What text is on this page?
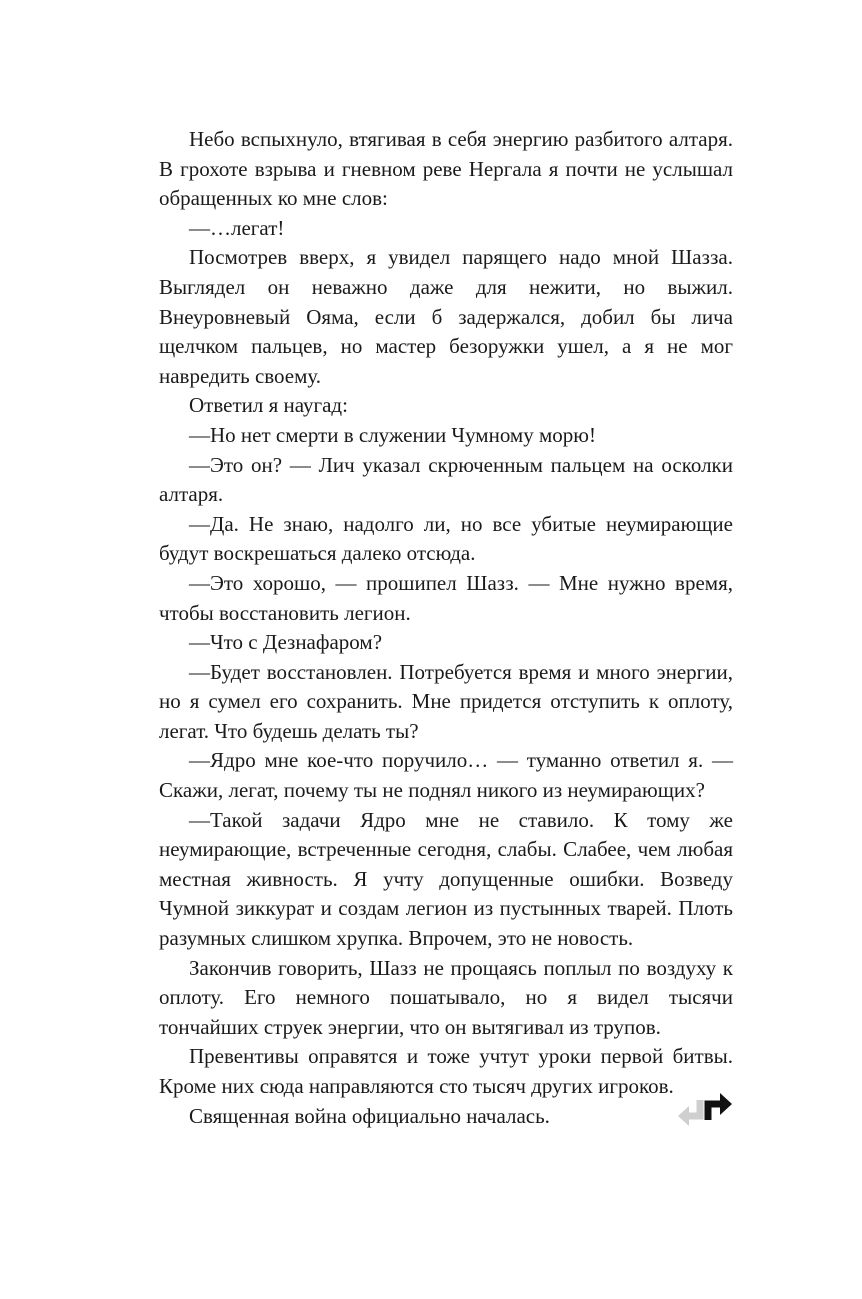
Небо вспыхнуло, втягивая в себя энергию разбитого алтаря. В грохоте взрыва и гневном реве Нергала я почти не услышал обращенных ко мне слов:

—…легат!

Посмотрев вверх, я увидел парящего надо мной Шазза. Выглядел он неважно даже для нежити, но выжил. Внеуровневый Ояма, если б задержался, добил бы лича щелчком пальцев, но мастер безоружки ушел, а я не мог навредить своему.

Ответил я наугад:

—Но нет смерти в служении Чумному морю!

—Это он? — Лич указал скрюченным пальцем на осколки алтаря.

—Да. Не знаю, надолго ли, но все убитые неумирающие будут воскрешаться далеко отсюда.

—Это хорошо, — прошипел Шазз. — Мне нужно время, чтобы восстановить легион.

—Что с Дезнафаром?

—Будет восстановлен. Потребуется время и много энергии, но я сумел его сохранить. Мне придется отступить к оплоту, легат. Что будешь делать ты?

—Ядро мне кое-что поручило… — туманно ответил я. — Скажи, легат, почему ты не поднял никого из неумирающих?

—Такой задачи Ядро мне не ставило. К тому же неумирающие, встреченные сегодня, слабы. Слабее, чем любая местная живность. Я учту допущенные ошибки. Возведу Чумной зиккурат и создам легион из пустынных тварей. Плоть разумных слишком хрупка. Впрочем, это не новость.

Закончив говорить, Шазз не прощаясь поплыл по воздуху к оплоту. Его немного пошатывало, но я видел тысячи тончайших струек энергии, что он вытягивал из трупов.

Превентивы оправятся и тоже учтут уроки первой битвы. Кроме них сюда направляются сто тысяч других игроков.

Священная война официально началась.
